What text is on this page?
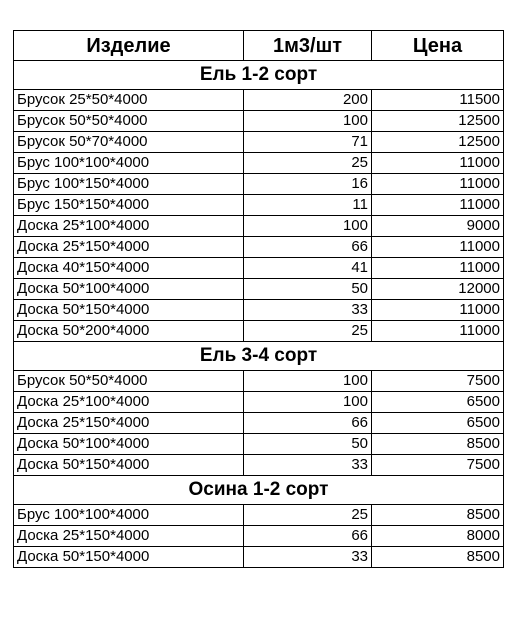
Изделие	1м3/шт	Цена
Ель 1-2 сорт		
Брусок 25*50*4000	200	11500
Брусок 50*50*4000	100	12500
Брусок 50*70*4000	71	12500
Брус 100*100*4000	25	11000
Брус 100*150*4000	16	11000
Брус 150*150*4000	11	11000
Доска 25*100*4000	100	9000
Доска 25*150*4000	66	11000
Доска 40*150*4000	41	11000
Доска 50*100*4000	50	12000
Доска 50*150*4000	33	11000
Доска 50*200*4000	25	11000
Ель 3-4 сорт		
Брусок 50*50*4000	100	7500
Доска 25*100*4000	100	6500
Доска 25*150*4000	66	6500
Доска 50*100*4000	50	8500
Доска 50*150*4000	33	7500
Осина 1-2 сорт		
Брус 100*100*4000	25	8500
Доска 25*150*4000	66	8000
Доска 50*150*4000	33	8500
